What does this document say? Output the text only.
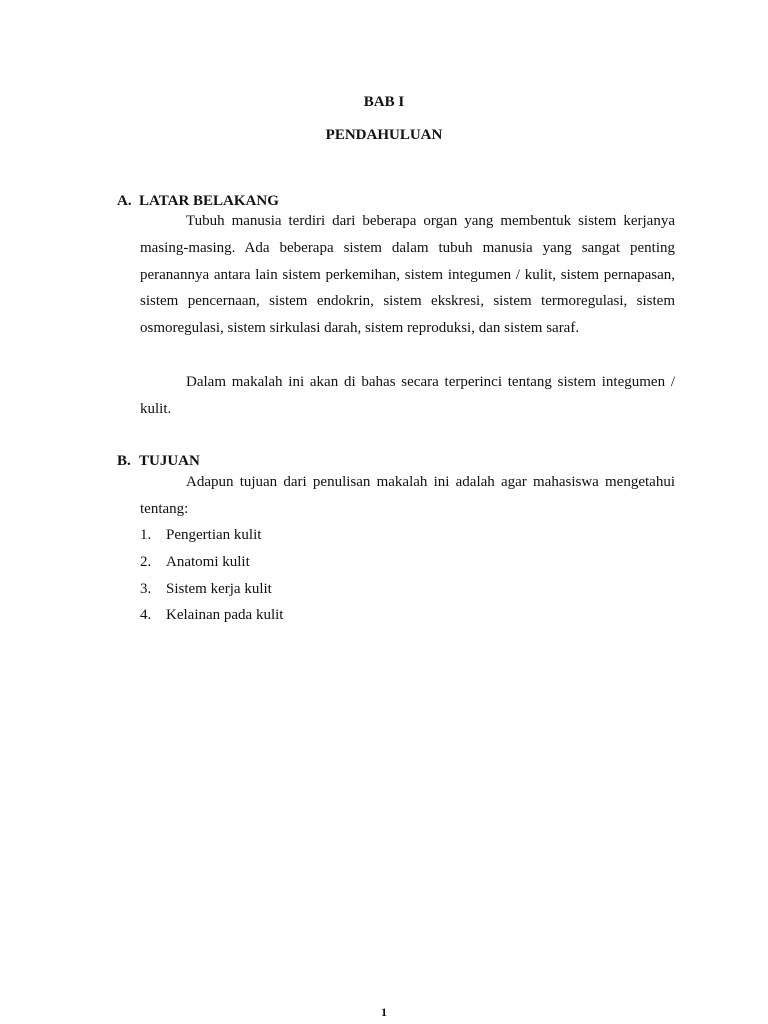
BAB I
PENDAHULUAN
A. LATAR BELAKANG

Tubuh manusia terdiri dari beberapa organ yang membentuk sistem kerjanya masing-masing. Ada beberapa sistem dalam tubuh manusia yang sangat penting peranannya antara lain sistem perkemihan, sistem integumen / kulit, sistem pernapasan, sistem pencernaan, sistem endokrin, sistem ekskresi, sistem termoregulasi, sistem osmoregulasi, sistem sirkulasi darah, sistem reproduksi, dan sistem saraf.

Dalam makalah ini akan di bahas secara terperinci tentang sistem integumen / kulit.

B. TUJUAN

Adapun tujuan dari penulisan makalah ini adalah agar mahasiswa mengetahui tentang:

1. Pengertian kulit
2. Anatomi kulit
3. Sistem kerja kulit
4. Kelainan pada kulit
1
